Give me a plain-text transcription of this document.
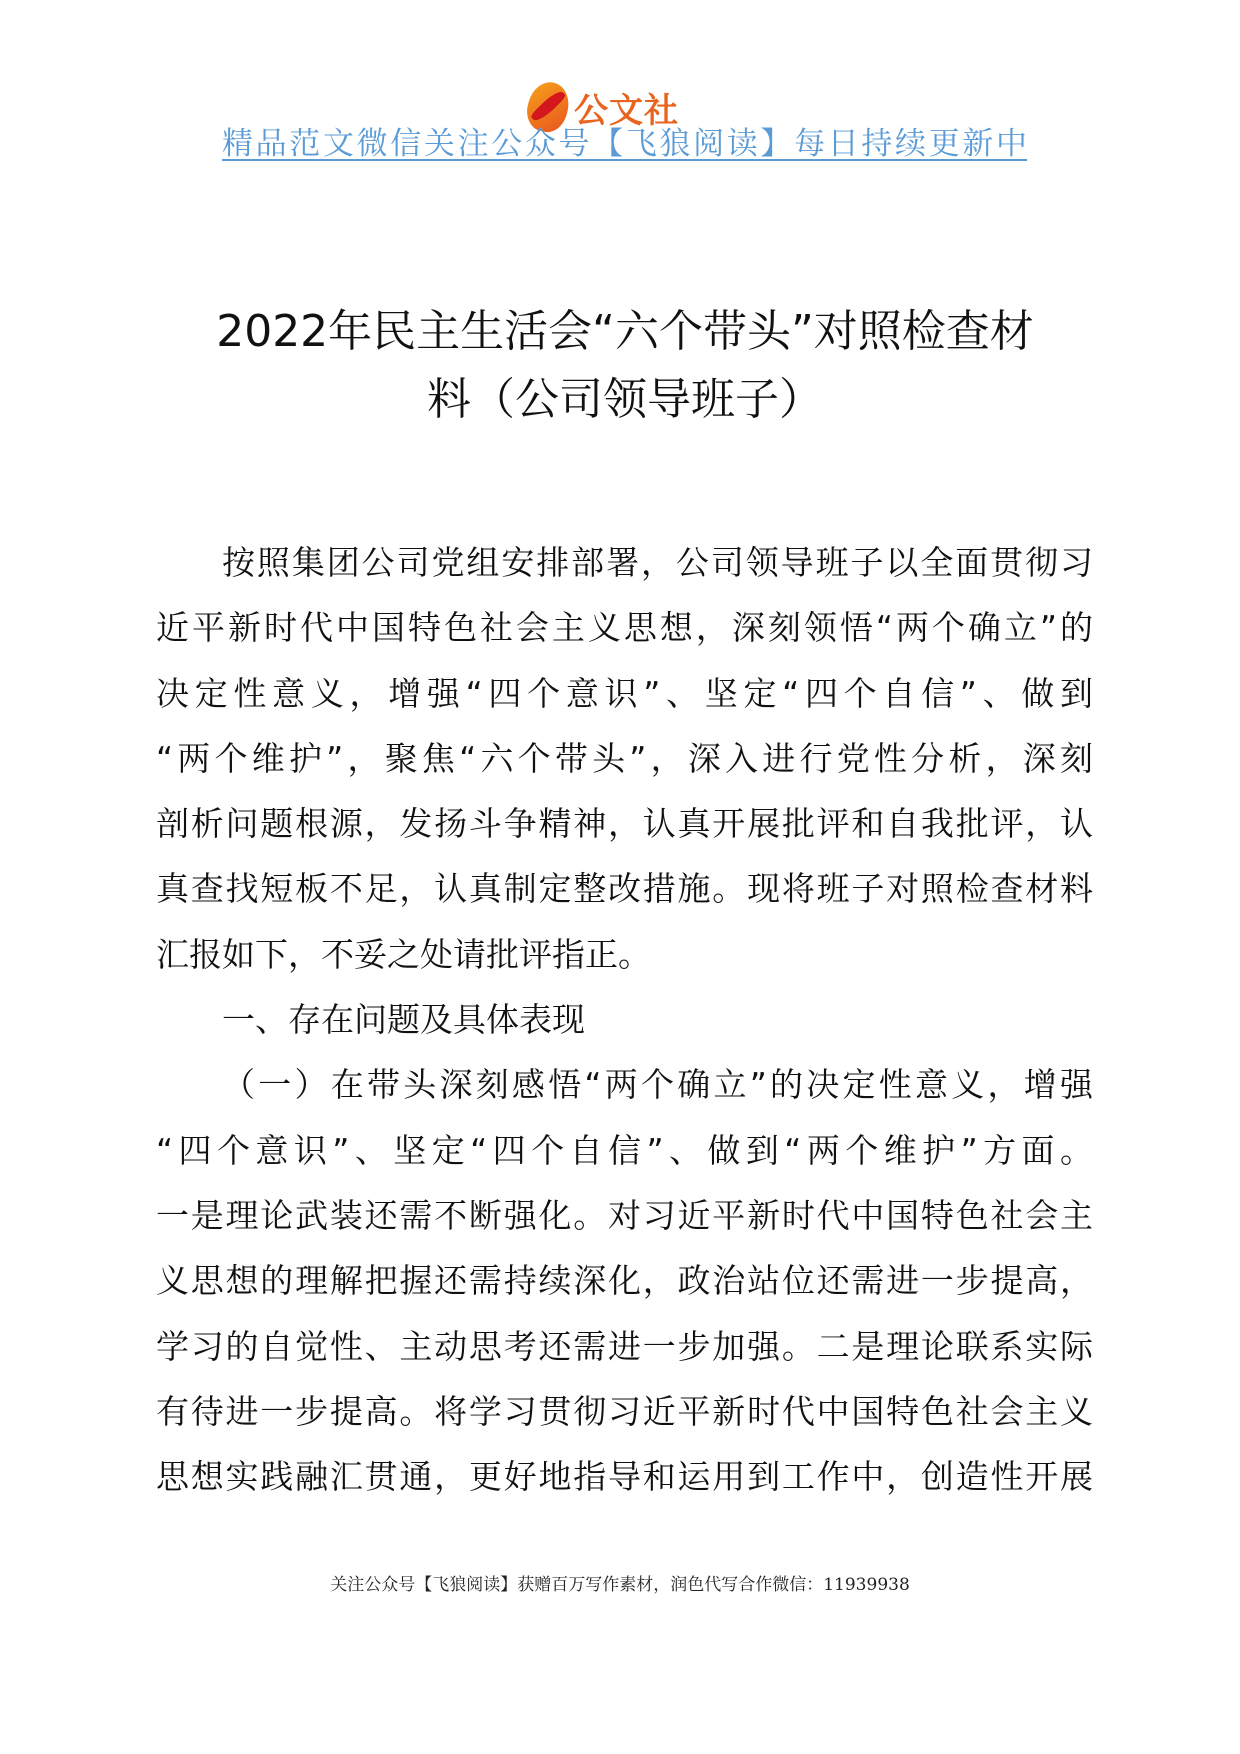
公文社
精品范文微信关注公众号【飞狼阅读】每日持续更新中
2022年民主生活会“六个带头”对照检查材
料（公司领导班子）
按照集团公司党组安排部署，公司领导班子以全面贯彻习
近平新时代中国特色社会主义思想，深刻领悟“两个确立”的
决定性意义，增强“四个意识”、坚定“四个自信”、做到
“两个维护”，聚焦“六个带头”，深入进行党性分析，深刻
剖析问题根源，发扬斗争精神，认真开展批评和自我批评，认
真查找短板不足，认真制定整改措施。现将班子对照检查材料
汇报如下，不妥之处请批评指正。
一、存在问题及具体表现
（一）在带头深刻感悟“两个确立”的决定性意义，增强
“四个意识”、坚定“四个自信”、做到“两个维护”方面。
一是理论武装还需不断强化。对习近平新时代中国特色社会主
义思想的理解把握还需持续深化，政治站位还需进一步提高，
学习的自觉性、主动思考还需进一步加强。二是理论联系实际
有待进一步提高。将学习贯彻习近平新时代中国特色社会主义
思想实践融汇贯通，更好地指导和运用到工作中，创造性开展
关注公众号【飞狼阅读】获赠百万写作素材，润色代写合作微信：11939938
